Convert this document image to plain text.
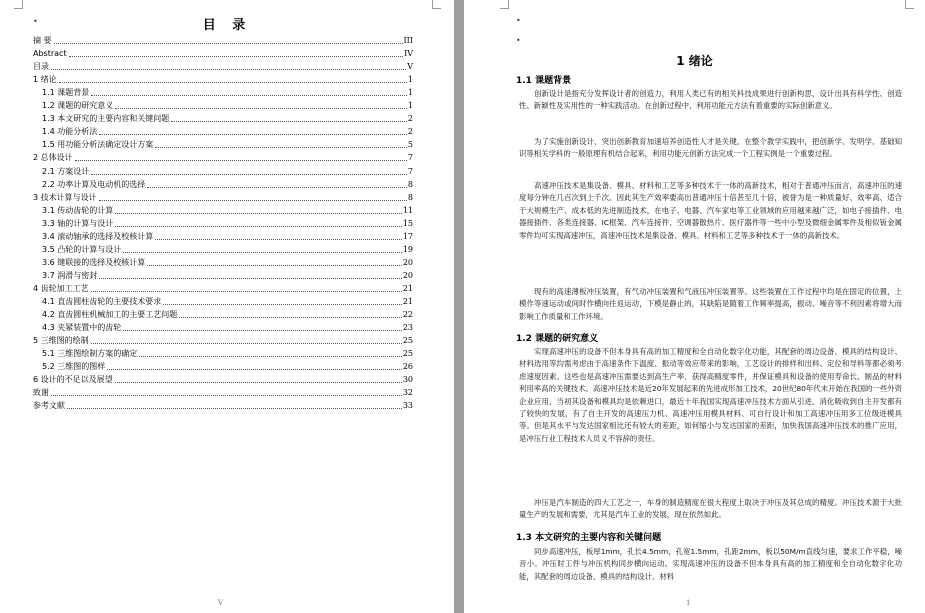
•	目 录
摘 要	III
Abstract	IV
目录	V
1 绪论	1
1.1 课题背景	1
1.2 课题的研究意义	1
1.3 本文研究的主要内容和关键问题	2
1.4 功能分析法	2
1.5 用功能分析法确定设计方案	5
2 总体设计	7
2.1 方案设计	7
2.2 功率计算及电动机的选择	8
3 技术计算与设计	8
3.1 传动齿轮的计算	11
3.3 轴的计算与设计	15
3.4 滚动轴承的选择及校核计算	17
3.5 凸轮的计算与设计	19
3.6 键联接的选择及校核计算	20
3.7 润滑与密封	20
4 齿轮加工工艺	21
4.1 直齿圆柱齿轮的主要技术要求	21
4.2 直齿圆柱机械加工的主要工艺问题	22
4.3 夹紧装置中的齿轮	23
5 三维图的绘制	25
5.1 三维图绘制方案的确定	25
5.2 三维图的图样	26
6 设计的不足以及展望	30
致谢	32
参考文献	33
V
•
•
1 绪论
1.1 课题背景

创新设计是指充分发挥设计者的创造力，利用人类已有的相关科技成果进行创新构思，设计出具有科学性、创造性、新颖性及实用性的一种实践活动。在创新过程中，利用功能元方法有着重要的实际创新意义。

为了实施创新设计，突出创新教育加速培养创造性人才是关键。在整个教学实践中，把创新学、发明学、基础知识等相关学科的一般原理有机结合起来，利用功能元创新方法完成一个工程实例是一个重要过程。

高速冲压技术是集设备、模具、材料和工艺等多种技术于一体的高新技术，相对于普通冲压而言，高速冲压的速度每分钟在几百次到上千次。因此其生产效率要高出普通冲压十倍甚至几十倍，被誉为是一种质量好、效率高、适合于大规模生产、成本低的先进制造技术，在电子、电器、汽车家电等工业领域的应用越来越广泛，如电子接插件、电器接插件、各类连接器、IC框架、汽车连接件、空调器散热片、医疗器件等一些中小型及微细金属零件及相似钣金属零件均可实现高速冲压，高速冲压技术是集设备、模具、材料和工艺等多种技术于一体的高新技术。

现有的高速薄板冲压装置，有气动冲压装置和气液压冲压装置等。这些装置在工作过程中均是在固定的位置，上模作等速运动或间时作横向往返运动，下模是静止的，其缺陷是随着工作频率提高，振动、噪音等不利因素将增大而影响工作质量和工作环境。

1.2 课题的研究意义

实现高速冲压的设备不但本身具有高的加工精度和全自动化数字化功能，其配套的周边设备、模具的结构设计、材料选用等均需考虑由于高速条件下温度、振动等效应带来的影响，工艺设计的排样和出料、定位和导料等都必须考虑速度因素。这些也是高速冲压需要达到高生产率、获得高精度零件，并保证模具和设备的使用寿命长、制品的材料利用率高的关键技术。高速冲压技术是近20年发展起来的先进成形加工技术，20世纪80年代末开始在我国的一些外资企业应用，当初其设备和模具均是依赖进口，最近十年我国实现高速冲压技术方面从引进、消化吸收到自主开发都有了较快的发展，有了自主开发的高速压力机、高速冲压用模具材料、可自行设计和加工高速冲压用多工位级进模具等。但是其水平与发达国家相比还有较大的差距，如何缩小与发达国家的差距，加快我国高速冲压技术的推广应用，是冲压行业工程技术人员义不容辞的责任。

冲压是汽车制造的四大工艺之一，车身的制造精度在很大程度上取决于冲压及其总成的精度。冲压技术源于大批量生产的发展和需要，尤其是汽车工业的发展，现在依然如此。

1.3 本文研究的主要内容和关键问题

同步高速冲压，板厚1mm，孔长4.5mm，孔宽1.5mm，孔距2mm，板以50M/m直线匀速，要求工作平稳，噪音小。冲压时工件与冲压机构同步横向运动。实现高速冲压的设备不但本身具有高的加工精度和全自动化数字化功能，其配套的周边设备、模具的结构设计、材料

1
